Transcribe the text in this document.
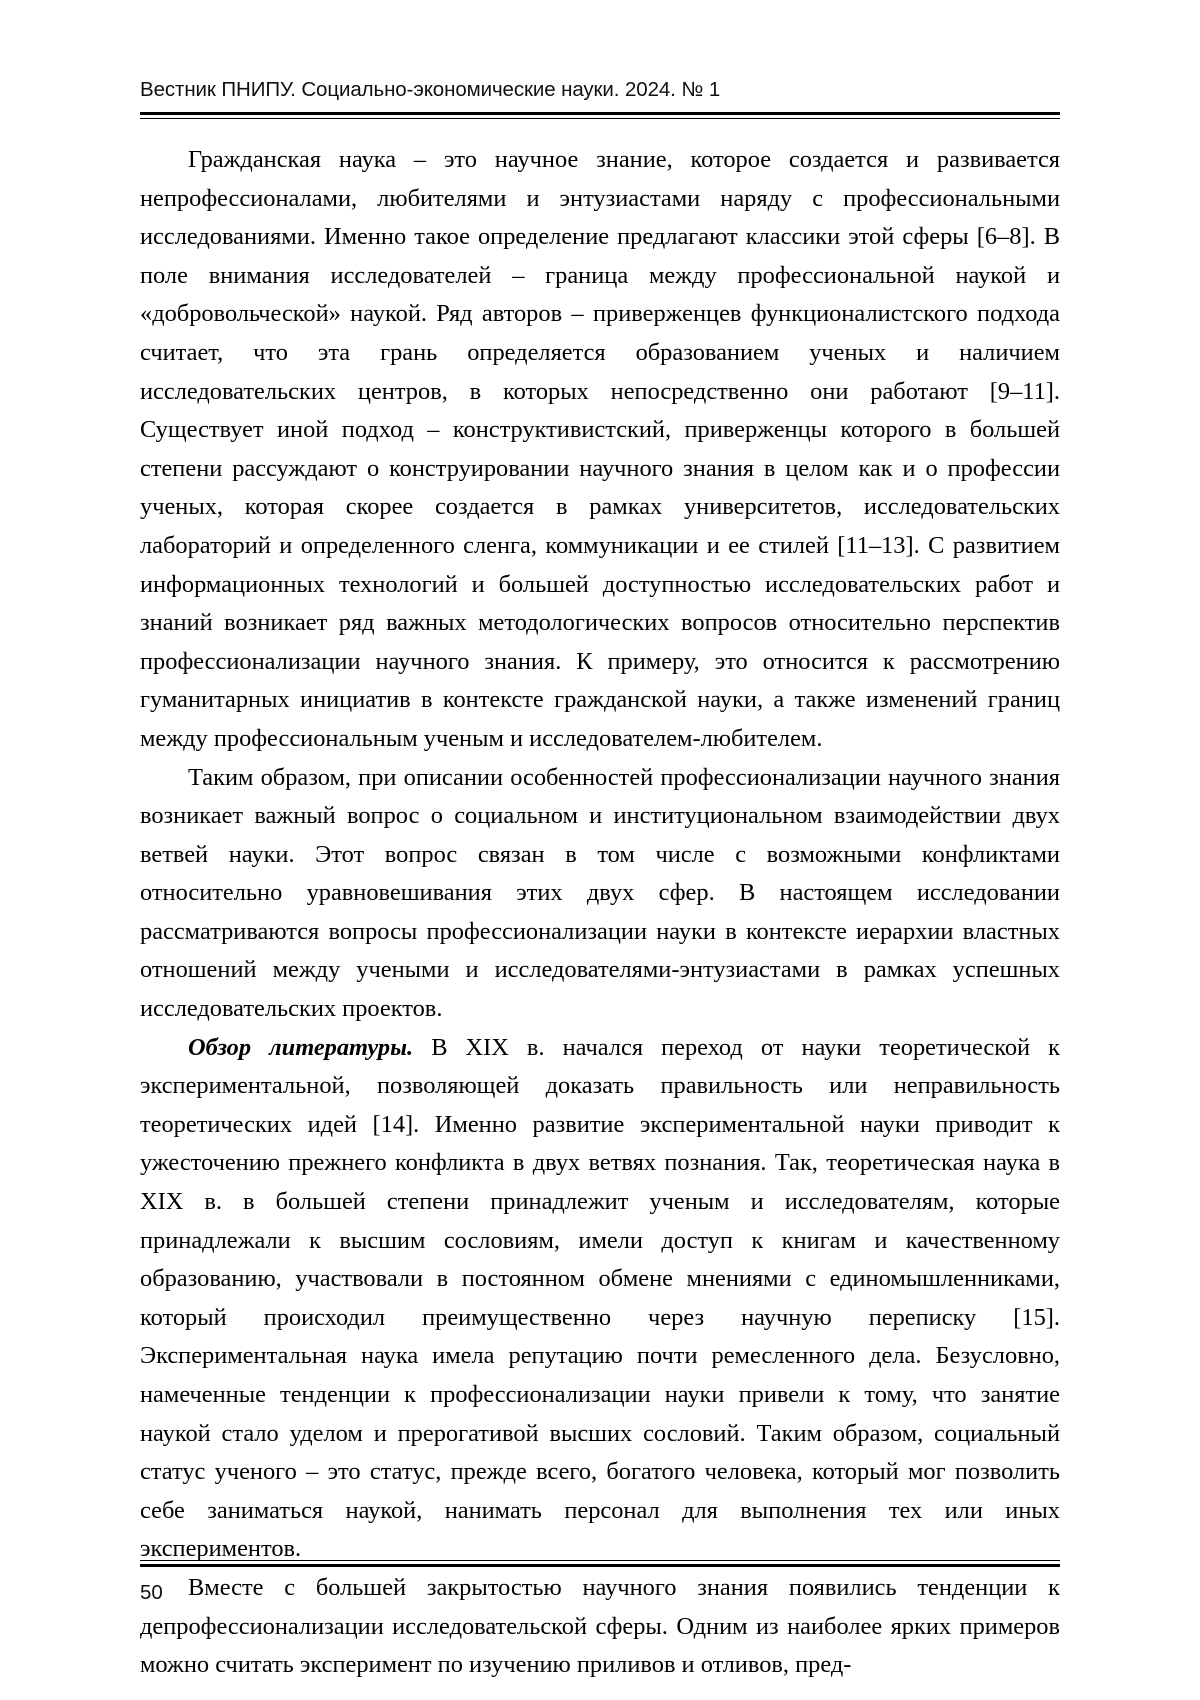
Вестник ПНИПУ. Социально-экономические науки. 2024. № 1

Гражданская наука – это научное знание, которое создается и развивается непрофессионалами, любителями и энтузиастами наряду с профессиональными исследованиями. Именно такое определение предлагают классики этой сферы [6–8]. В поле внимания исследователей – граница между профессиональной наукой и «добровольческой» наукой. Ряд авторов – приверженцев функционалистского подхода считает, что эта грань определяется образованием ученых и наличием исследовательских центров, в которых непосредственно они работают [9–11]. Существует иной подход – конструктивистский, приверженцы которого в большей степени рассуждают о конструировании научного знания в целом как и о профессии ученых, которая скорее создается в рамках университетов, исследовательских лабораторий и определенного сленга, коммуникации и ее стилей [11–13]. С развитием информационных технологий и большей доступностью исследовательских работ и знаний возникает ряд важных методологических вопросов относительно перспектив профессионализации научного знания. К примеру, это относится к рассмотрению гуманитарных инициатив в контексте гражданской науки, а также изменений границ между профессиональным ученым и исследователем-любителем.

Таким образом, при описании особенностей профессионализации научного знания возникает важный вопрос о социальном и институциональном взаимодействии двух ветвей науки. Этот вопрос связан в том числе с возможными конфликтами относительно уравновешивания этих двух сфер. В настоящем исследовании рассматриваются вопросы профессионализации науки в контексте иерархии властных отношений между учеными и исследователями-энтузиастами в рамках успешных исследовательских проектов.

Обзор литературы. В XIX в. начался переход от науки теоретической к экспериментальной, позволяющей доказать правильность или неправильность теоретических идей [14]. Именно развитие экспериментальной науки приводит к ужесточению прежнего конфликта в двух ветвях познания. Так, теоретическая наука в XIX в. в большей степени принадлежит ученым и исследователям, которые принадлежали к высшим сословиям, имели доступ к книгам и качественному образованию, участвовали в постоянном обмене мнениями с единомышленниками, который происходил преимущественно через научную переписку [15]. Экспериментальная наука имела репутацию почти ремесленного дела. Безусловно, намеченные тенденции к профессионализации науки привели к тому, что занятие наукой стало уделом и прерогативой высших сословий. Таким образом, социальный статус ученого – это статус, прежде всего, богатого человека, который мог позволить себе заниматься наукой, нанимать персонал для выполнения тех или иных экспериментов.

Вместе с большей закрытостью научного знания появились тенденции к депрофессионализации исследовательской сферы. Одним из наиболее ярких примеров можно считать эксперимент по изучению приливов и отливов, пред-

50
